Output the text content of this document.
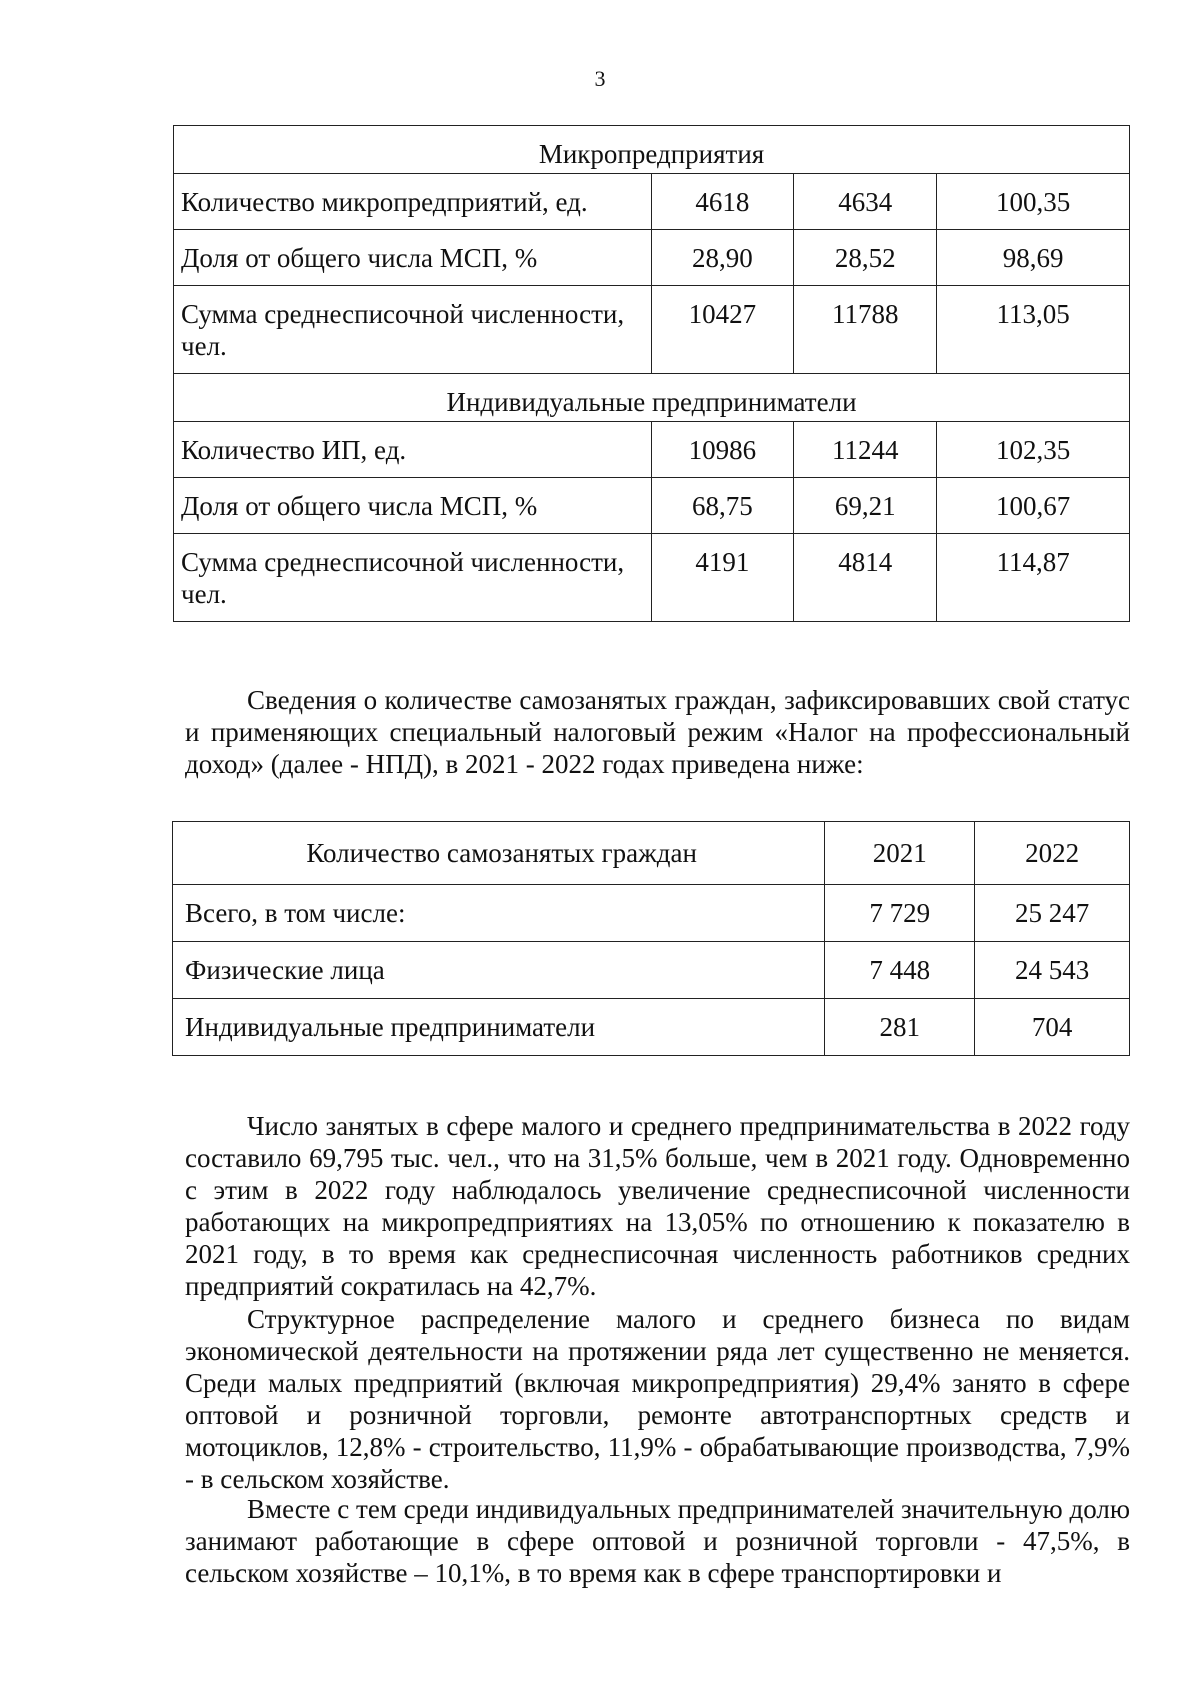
3
Микропредприятия			
Количество микропредприятий, ед.	4618	4634	100,35
Доля от общего числа МСП, %	28,90	28,52	98,69
Сумма среднесписочной численности, чел.	10427	11788	113,05
Индивидуальные предприниматели			
Количество ИП, ед.	10986	11244	102,35
Доля от общего числа МСП, %	68,75	69,21	100,67
Сумма среднесписочной численности, чел.	4191	4814	114,87

Сведения о количестве самозанятых граждан, зафиксировавших свой статус и применяющих специальный налоговый режим «Налог на профессиональный доход» (далее - НПД), в 2021 - 2022 годах приведена ниже:

Количество самозанятых граждан	2021	2022
Всего, в том числе:	7 729	25 247
Физические лица	7 448	24 543
Индивидуальные предприниматели	281	704

Число занятых в сфере малого и среднего предпринимательства в 2022 году составило 69,795 тыс. чел., что на 31,5% больше, чем в 2021 году. Одновременно с этим в 2022 году наблюдалось увеличение среднесписочной численности работающих на микропредприятиях на 13,05% по отношению к показателю в 2021 году, в то время как среднесписочная численность работников средних предприятий сократилась на 42,7%.

Структурное распределение малого и среднего бизнеса по видам экономической деятельности на протяжении ряда лет существенно не меняется. Среди малых предприятий (включая микропредприятия) 29,4% занято в сфере оптовой и розничной торговли, ремонте автотранспортных средств и мотоциклов, 12,8% - строительство, 11,9% - обрабатывающие производства, 7,9% - в сельском хозяйстве.

Вместе с тем среди индивидуальных предпринимателей значительную долю занимают работающие в сфере оптовой и розничной торговли - 47,5%, в сельском хозяйстве – 10,1%, в то время как в сфере транспортировки и
